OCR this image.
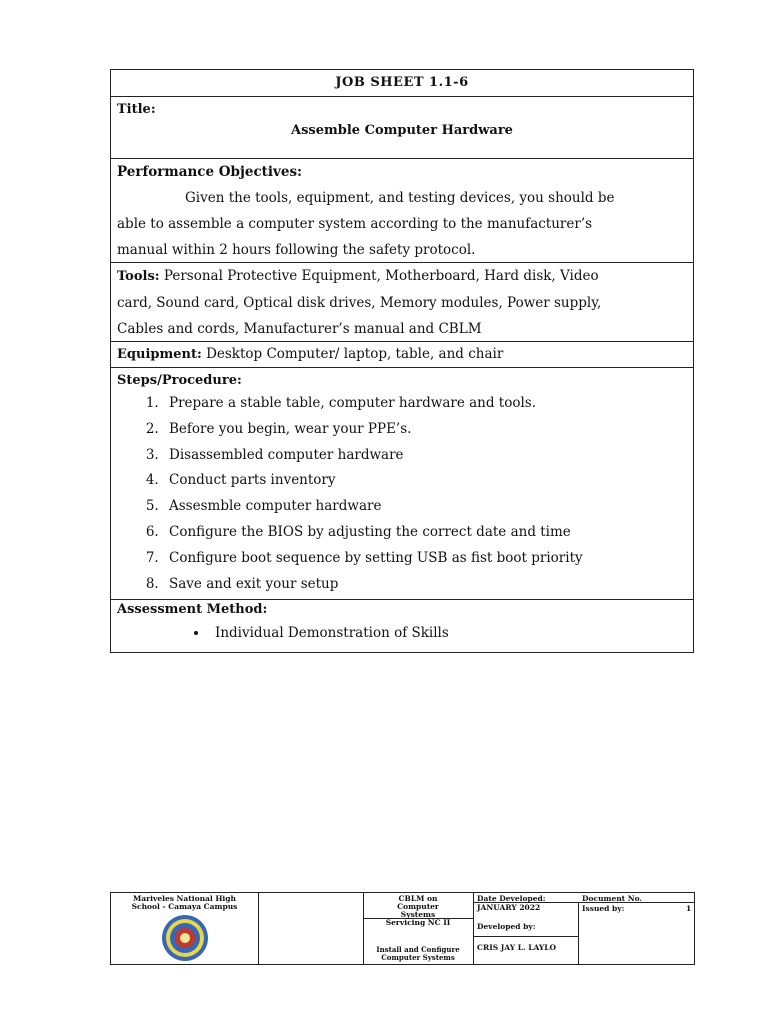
JOB SHEET 1.1-6
Title:
Assemble Computer Hardware

Performance Objectives:

Given the tools, equipment, and testing devices, you should be

able to assemble a computer system according to the manufacturer’s

manual within 2 hours following the safety protocol.

Tools: Personal Protective Equipment, Motherboard, Hard disk, Video
card, Sound card, Optical disk drives, Memory modules, Power supply,
Cables and cords, Manufacturer’s manual and CBLM
Equipment: Desktop Computer/ laptop, table, and chair
Steps/Procedure:
1. Prepare a stable table, computer hardware and tools.
2. Before you begin, wear your PPE’s.
3. Disassembled computer hardware
4. Conduct parts inventory
5. Assesmble computer hardware
6. Configure the BIOS by adjusting the correct date and time
7. Configure boot sequence by setting USB as fist boot priority
8. Save and exit your setup
Assessment Method:
• Individual Demonstration of Skills
Mariveles National High
School - Camaya Campus
CBLM on
Computer
Systems
Servicing NC II
Install and Configure
Computer Systems
Date Developed:
JANUARY 2022
Developed by:
CRIS JAY L. LAYLO
Document No.
Issued by:	1
